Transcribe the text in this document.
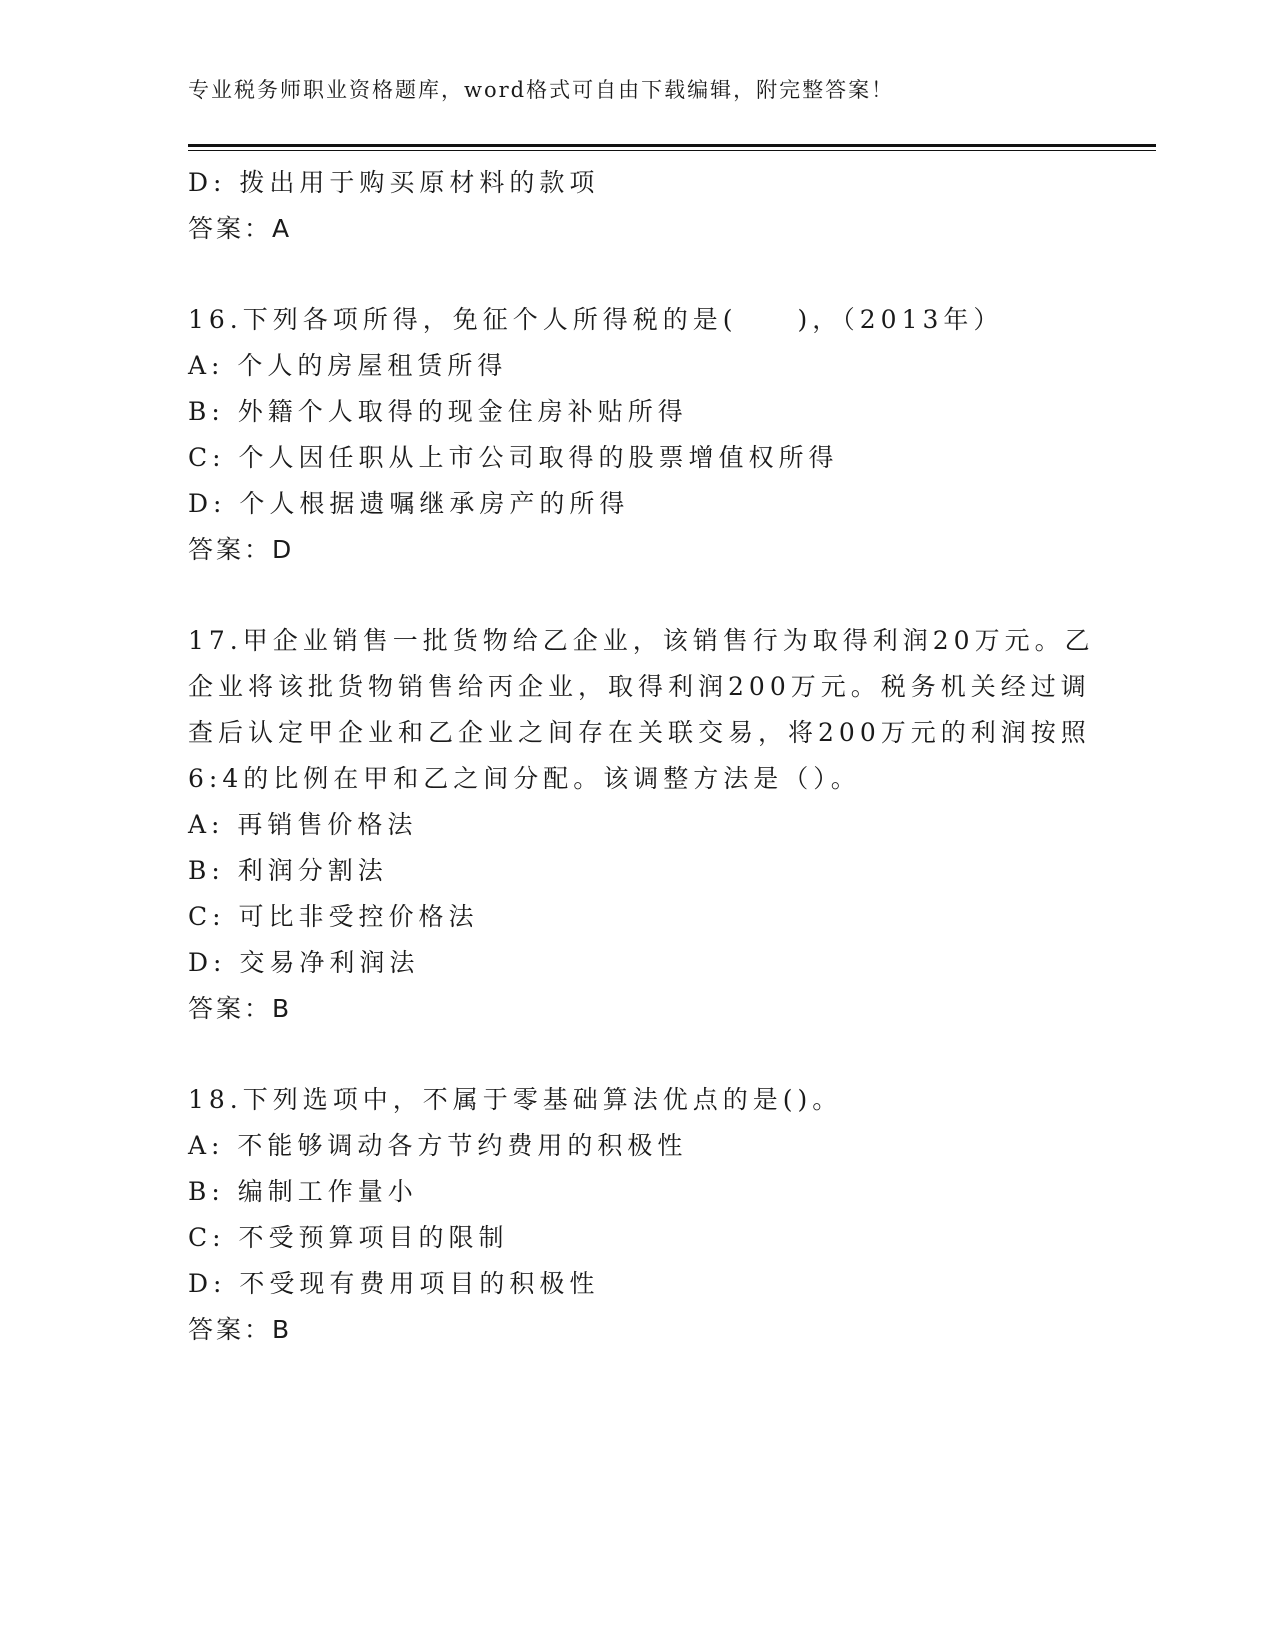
专业税务师职业资格题库，word格式可自由下载编辑，附完整答案！
D: 拨出用于购买原材料的款项
答案：A
16.下列各项所得，免征个人所得税的是(　　)，（2013年）
A: 个人的房屋租赁所得
B: 外籍个人取得的现金住房补贴所得
C: 个人因任职从上市公司取得的股票增值权所得
D: 个人根据遗嘱继承房产的所得
答案：D
17.甲企业销售一批货物给乙企业，该销售行为取得利润20万元。乙
企业将该批货物销售给丙企业，取得利润200万元。税务机关经过调
查后认定甲企业和乙企业之间存在关联交易，将200万元的利润按照
6:4的比例在甲和乙之间分配。该调整方法是（）。
A: 再销售价格法
B: 利润分割法
C: 可比非受控价格法
D: 交易净利润法
答案：B
18.下列选项中，不属于零基础算法优点的是()。
A: 不能够调动各方节约费用的积极性
B: 编制工作量小
C: 不受预算项目的限制
D: 不受现有费用项目的积极性
答案：B
